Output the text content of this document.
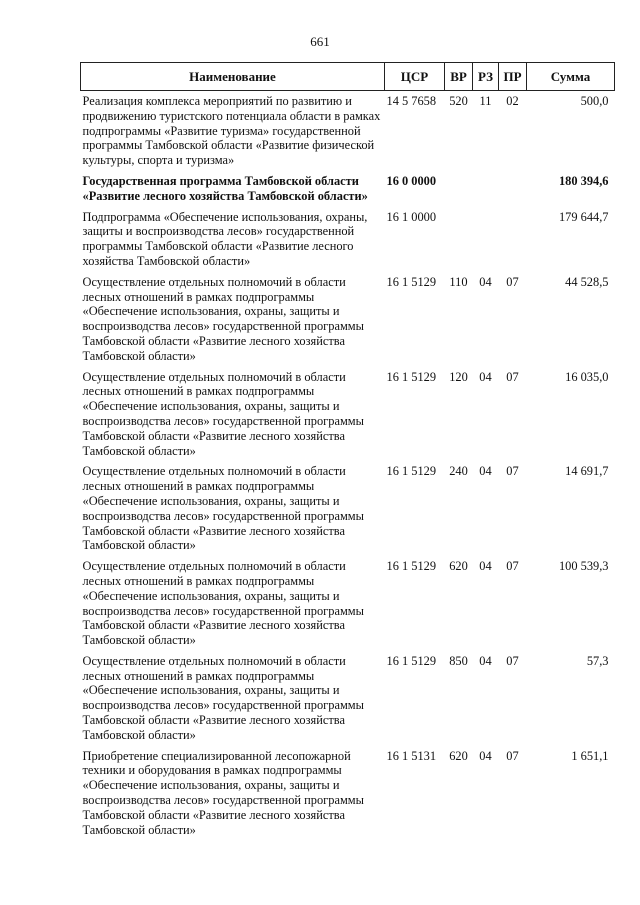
661
Наименование	ЦСР	ВР	РЗ	ПР	Сумма
Реализация комплекса мероприятий по развитию и продвижению туристского потенциала области в рамках подпрограммы «Развитие туризма» государственной программы Тамбовской области «Развитие физической культуры, спорта и туризма»	14 5 7658	520	11	02	500,0
Государственная программа Тамбовской области «Развитие лесного хозяйства Тамбовской области»	16 0 0000				180 394,6
Подпрограмма «Обеспечение использования, охраны, защиты и воспроизводства лесов» государственной программы Тамбовской области «Развитие лесного хозяйства Тамбовской области»	16 1 0000				179 644,7
Осуществление отдельных полномочий в области лесных отношений в рамках подпрограммы «Обеспечение использования, охраны, защиты и воспроизводства лесов» государственной программы Тамбовской области «Развитие лесного хозяйства Тамбовской области»	16 1 5129	110	04	07	44 528,5
Осуществление отдельных полномочий в области лесных отношений в рамках подпрограммы «Обеспечение использования, охраны, защиты и воспроизводства лесов» государственной программы Тамбовской области «Развитие лесного хозяйства Тамбовской области»	16 1 5129	120	04	07	16 035,0
Осуществление отдельных полномочий в области лесных отношений в рамках подпрограммы «Обеспечение использования, охраны, защиты и воспроизводства лесов» государственной программы Тамбовской области «Развитие лесного хозяйства Тамбовской области»	16 1 5129	240	04	07	14 691,7
Осуществление отдельных полномочий в области лесных отношений в рамках подпрограммы «Обеспечение использования, охраны, защиты и воспроизводства лесов» государственной программы Тамбовской области «Развитие лесного хозяйства Тамбовской области»	16 1 5129	620	04	07	100 539,3
Осуществление отдельных полномочий в области лесных отношений в рамках подпрограммы «Обеспечение использования, охраны, защиты и воспроизводства лесов» государственной программы Тамбовской области «Развитие лесного хозяйства Тамбовской области»	16 1 5129	850	04	07	57,3
Приобретение специализированной лесопожарной техники и оборудования в рамках подпрограммы «Обеспечение использования, охраны, защиты и воспроизводства лесов» государственной программы Тамбовской области «Развитие лесного хозяйства Тамбовской области»	16 1 5131	620	04	07	1 651,1
